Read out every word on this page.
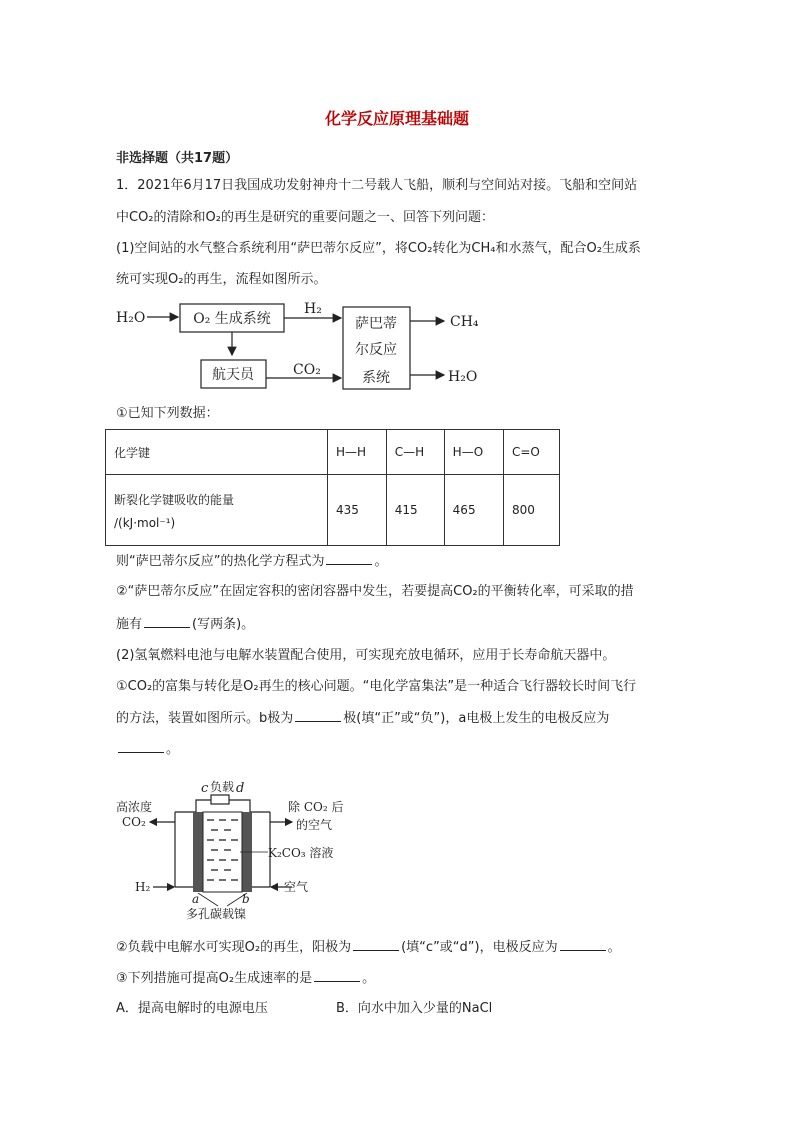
化学反应原理基础题
非选择题（共17题）
1．2021年6月17日我国成功发射神舟十二号载人飞船，顺利与空间站对接。飞船和空间站
中CO₂的清除和O₂的再生是研究的重要问题之一、回答下列问题：
(1)空间站的水气整合系统利用“萨巴蒂尔反应”，将CO₂转化为CH₄和水蒸气，配合O₂生成系
统可实现O₂的再生，流程如图所示。
H₂O	O₂ 生成系统
H₂
萨巴蒂
尔反应
系统
CH₄
航天员	CO₂	H₂O
①已知下列数据：
化学键	H—H	C—H	H—O	C=O

断裂化学键吸收的能量
/(kJ·mol⁻¹)	435	415	465	800
则“萨巴蒂尔反应”的热化学方程式为	。
②“萨巴蒂尔反应”在固定容积的密闭容器中发生，若要提高CO₂的平衡转化率，可采取的措
施有	(写两条)。
(2)氢氧燃料电池与电解水装置配合使用，可实现充放电循环，应用于长寿命航天器中。
①CO₂的富集与转化是O₂再生的核心问题。“电化学富集法”是一种适合飞行器较长时间飞行
的方法，装置如图所示。b极为	极(填“正”或“负”)，a电极上发生的电极反应为
。
c 负载 d
高浓度
CO₂
除 CO₂ 后
的空气
K₂CO₃ 溶液
H₂	空气
a	b
多孔碳载镍
②负载中电解水可实现O₂的再生，阳极为	(填“c”或“d”)，电极反应为	。
③下列措施可提高O₂生成速率的是	。
A．提高电解时的电源电压	B．向水中加入少量的NaCl
